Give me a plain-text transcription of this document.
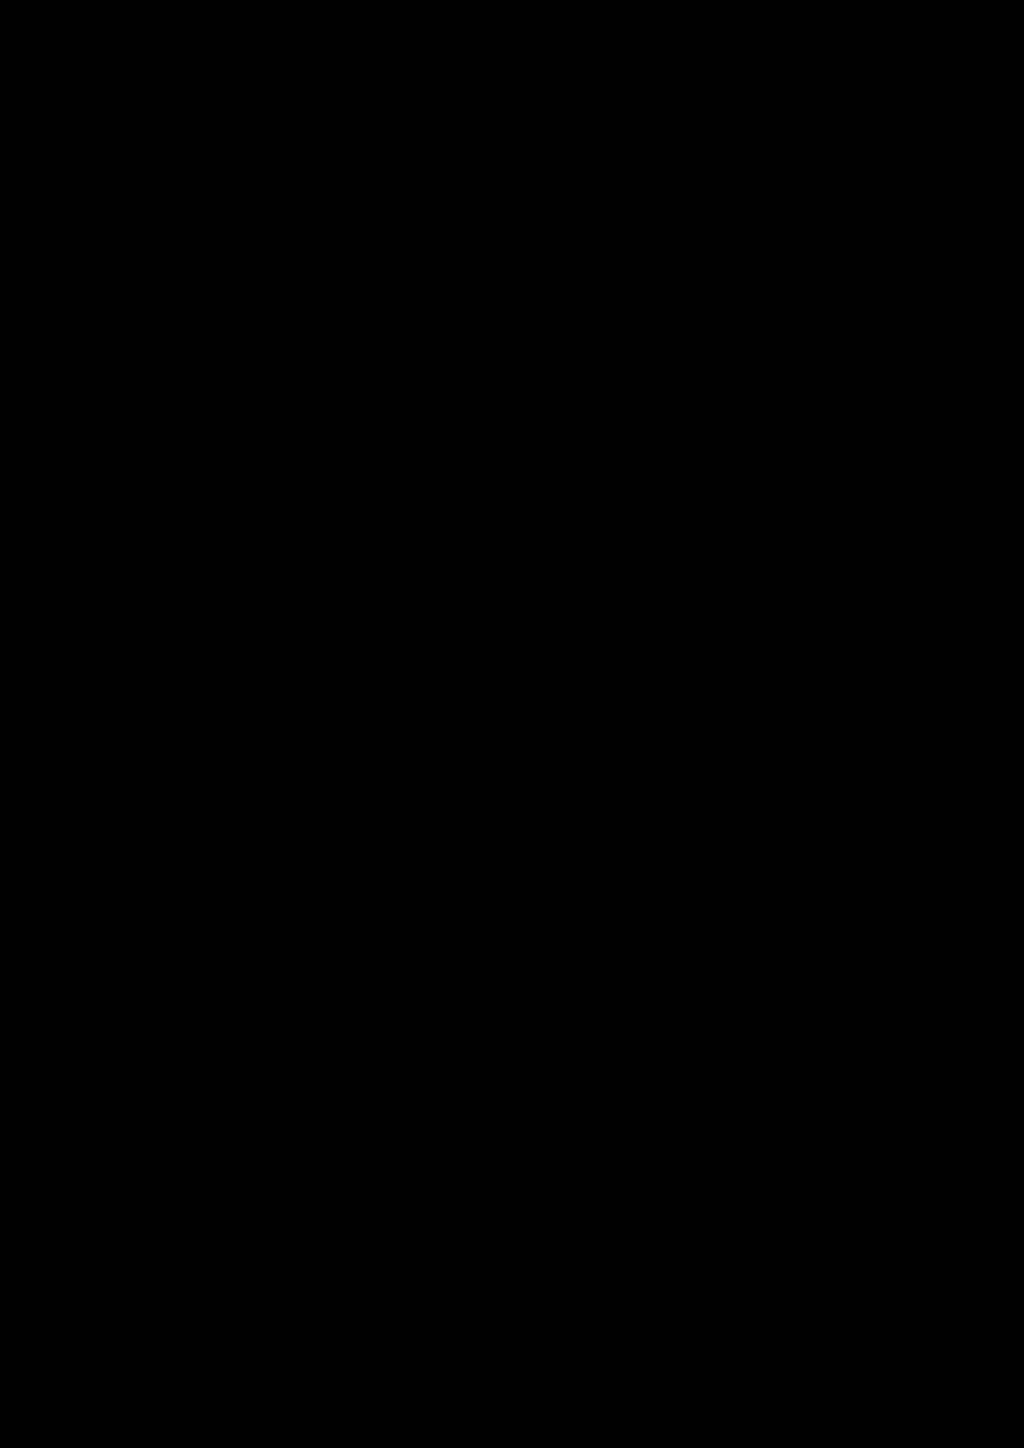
59
tarkastuksia tai antamaan lausuntonsa Turvallisuus-
ja kemikaalivirastolle hyväksymisen edellytyksistä
seuraavasti:
1) biologisen tehokkuuden ja käyttökelpoisuuden
arvioimisen osalta Luonnonvarakeskus;
2) kasvi- ja eläintuotteissa esiintyvien
kasvinsuojeluainejäämien määrittämisen ja
arvioimisen, Euroopan unionille laadittavien
jäämien enimmäismääriä koskevien ehdotusten sekä
kasvinsuojeluaineiden kemiallisten analyysien sekä
fysikaalisten ja teknisten testien osalta Ruokavirasto.
aineiden ja valmisteiden biologisesta tehokkuudesta
ja käyttökelpoisuudesta.
Ruokavirasto vastaa kasvinsuojeluaineiden ja kasvi-
ja eläintuotteissa esiintyvien
kasvinsuojeluainejäämien kemiallisista analyyseistä
sekä fysikaalisista ja teknisistä testeistä.
3.
Laki Harmaan talouden selvitysyksiköstä
Eduskunnan päätöksen mukaisesti
muutetaan Harmaan talouden selvitysyksiköstä annetun lain (1207/2010) 6 §:n 1 momentin 24 kohta, sellaisena kuin se on laissa 404/2018, sekä
lisätään 6 §:n 1 momenttiin, sellaisena kuin se on laeissa 308/2016, 858/2016, 1159/2016, 1413/2016, 1419/2016, 324/2017, 454/2017, 923/2017, 1112/2017, 403/2018, 404/2018 ja 414/2018, uusi 25 kohta seuraavasti:
Voimassa oleva laki	Ehdotus
6 § Velvoitteidenhoitoselvityksen käyttötarkoitus
Velvoitteidenhoitoselvityksiä laaditaan tukemaan:
-------------------
24) Finanssivalvonnasta annetun lain (878/2008) 20
b §:ssä säädettyjen tehtävien suorittamista.
6 § Velvoitteidenhoitoselvityksen käyttötarkoitus
Velvoitteidenhoitoselvityksiä laaditaan tukemaan:
-------------------
24) Finanssivalvonnasta annetun lain (878/2008) 20
b §:ssä säädettyjen tehtävien suorittamista;
25) elintarvikelain (23/2006) 16 a §:ssä säädettyjä
tehtäviä.
